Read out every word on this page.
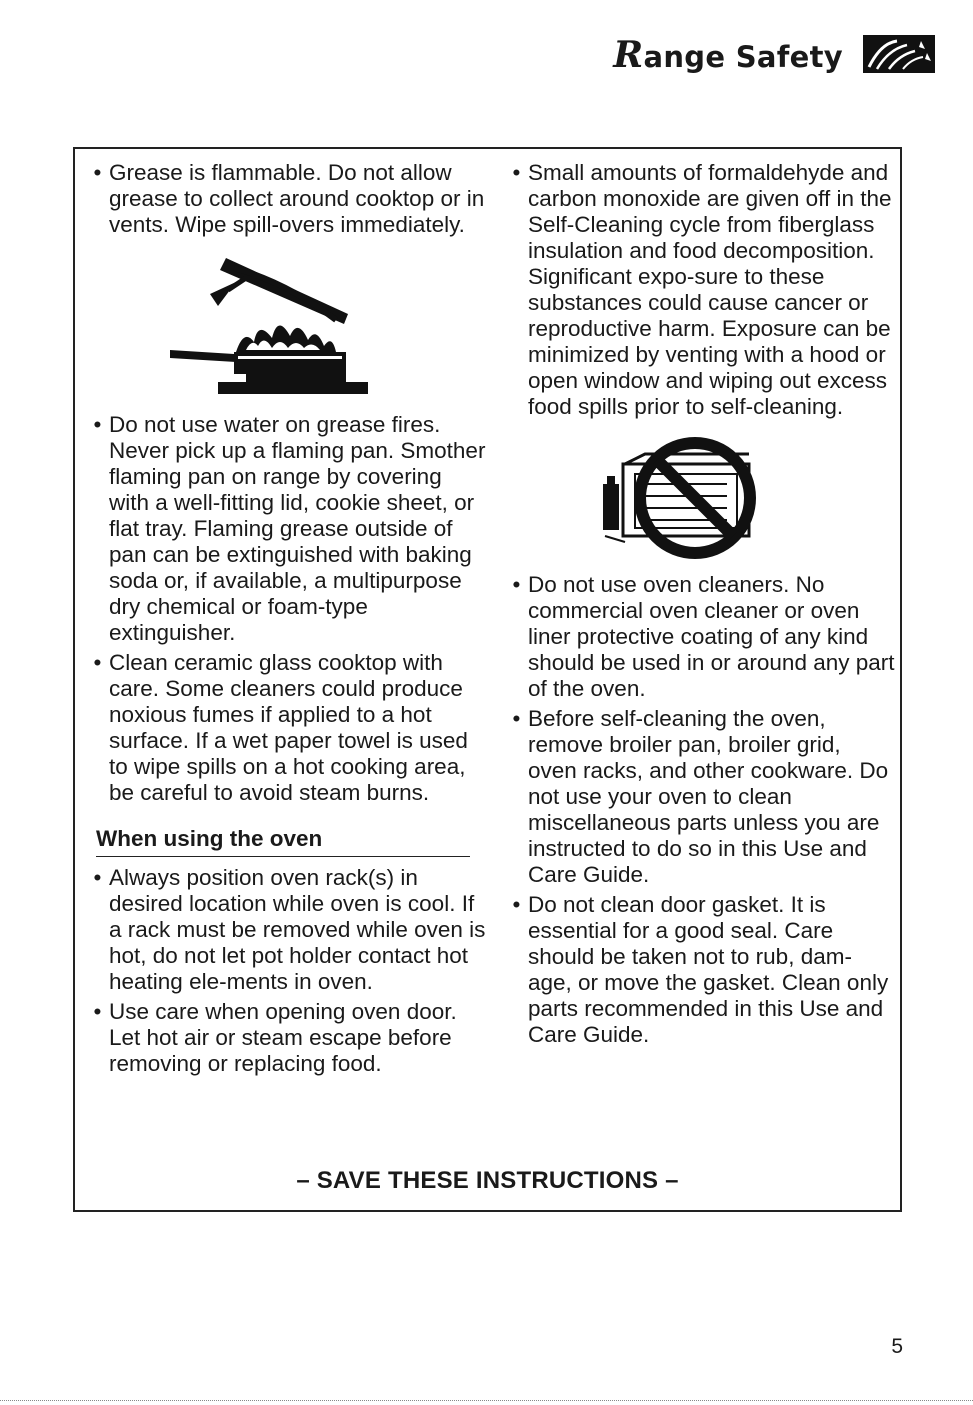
Range Safety

• Grease is flammable. Do not allow grease to collect around cooktop or in vents. Wipe spill-overs immediately.

• Do not use water on grease fires. Never pick up a flaming pan. Smother flaming pan on range by covering with a well-fitting lid, cookie sheet, or flat tray. Flaming grease outside of pan can be extinguished with baking soda or, if available, a multipurpose dry chemical or foam-type extinguisher.

• Clean ceramic glass cooktop with care. Some cleaners could produce noxious fumes if applied to a hot surface. If a wet paper towel is used to wipe spills on a hot cooking area, be careful to avoid steam burns.

When using the oven

• Always position oven rack(s) in desired location while oven is cool. If a rack must be removed while oven is hot, do not let pot holder contact hot heating ele-ments in oven.

• Use care when opening oven door. Let hot air or steam escape before removing or replacing food.

• Small amounts of formaldehyde and carbon monoxide are given off in the Self-Cleaning cycle from fiberglass insulation and food decomposition. Significant expo-sure to these substances could cause cancer or reproductive harm. Exposure can be minimized by venting with a hood or open window and wiping out excess food spills prior to self-cleaning.

• Do not use oven cleaners. No commercial oven cleaner or oven liner protective coating of any kind should be used in or around any part of the oven.

• Before self-cleaning the oven, remove broiler pan, broiler grid, oven racks, and other cookware. Do not use your oven to clean miscellaneous parts unless you are instructed to do so in this Use and Care Guide.

• Do not clean door gasket. It is essential for a good seal. Care should be taken not to rub, dam-age, or move the gasket. Clean only parts recommended in this Use and Care Guide.

– SAVE THESE INSTRUCTIONS –
5
